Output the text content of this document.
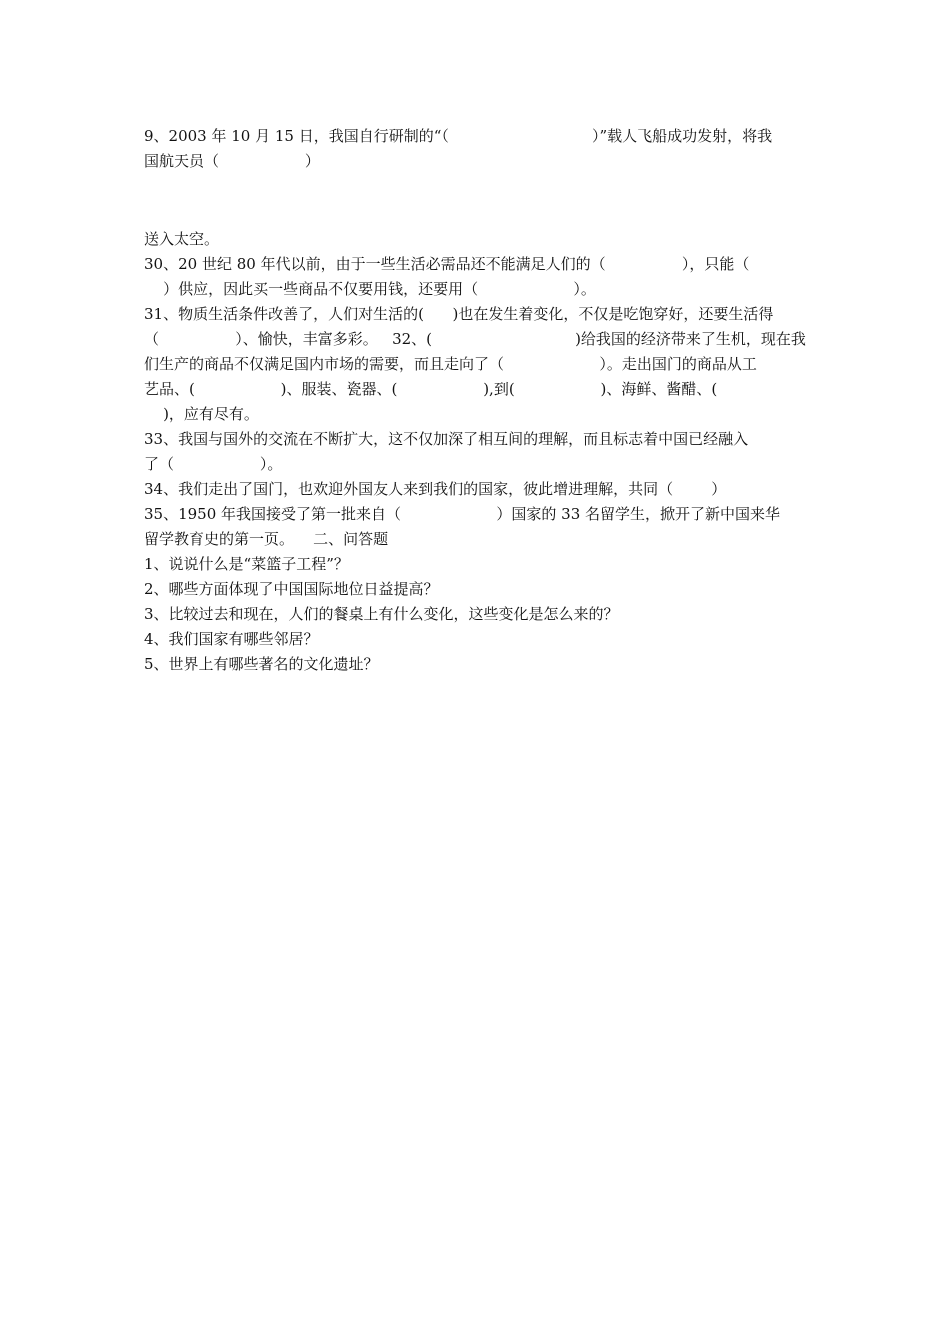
9、2003 年 10 月 15 日，我国自行研制的“（                              ）”载人飞船成功发射，将我
国航天员（                  ）
送入太空。
30、20 世纪 80 年代以前，由于一些生活必需品还不能满足人们的（                ），只能（
）供应，因此买一些商品不仅要用钱，还要用（                    ）。
31、物质生活条件改善了，人们对生活的(      )也在发生着变化，不仅是吃饱穿好，还要生活得
（                ）、愉快，丰富多彩。   32、(                              )给我国的经济带来了生机，现在我
们生产的商品不仅满足国内市场的需要，而且走向了（                    ）。走出国门的商品从工
艺品、(                  )、服装、瓷器、(                  ),到(                  )、海鲜、酱醋、(
)，应有尽有。
33、我国与国外的交流在不断扩大，这不仅加深了相互间的理解，而且标志着中国已经融入
了（                  ）。
34、我们走出了国门，也欢迎外国友人来到我们的国家，彼此增进理解，共同（        ）
35、1950 年我国接受了第一批来自（                    ）国家的 33 名留学生，掀开了新中国来华
留学教育史的第一页。    二、问答题
1、说说什么是“菜篮子工程”？
2、哪些方面体现了中国国际地位日益提高？
3、比较过去和现在，人们的餐桌上有什么变化，这些变化是怎么来的？
4、我们国家有哪些邻居？
5、世界上有哪些著名的文化遗址？
